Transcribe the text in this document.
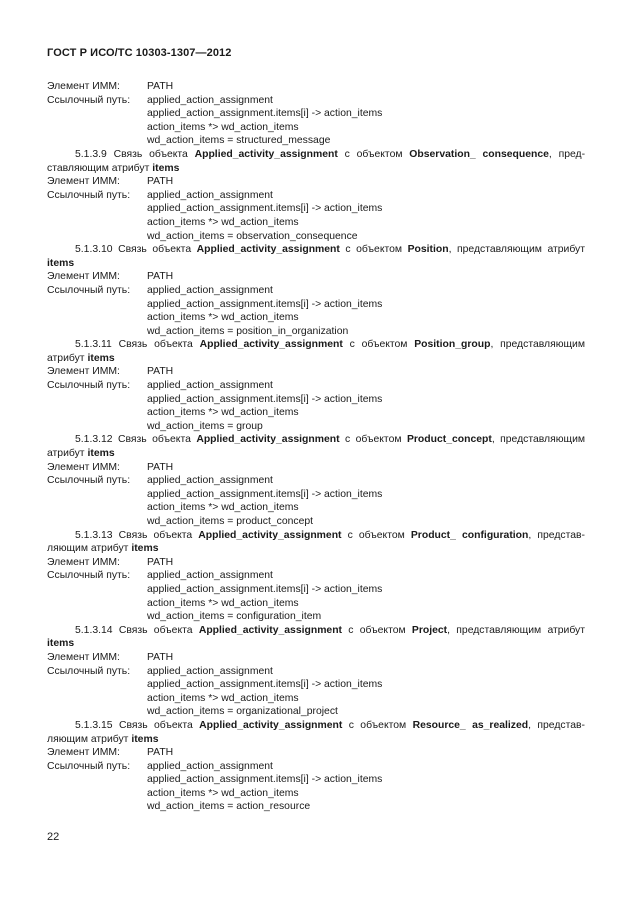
ГОСТ Р ИСО/ТС 10303-1307—2012
Элемент ИММ:	PATH
Ссылочный путь:	applied_action_assignment
applied_action_assignment.items[i] -> action_items
action_items *> wd_action_items
wd_action_items = structured_message
5.1.3.9 Связь объекта Applied_activity_assignment с объектом Observation_ consequence, представляющим атрибут items
Элемент ИММ:	PATH
Ссылочный путь:	applied_action_assignment
applied_action_assignment.items[i] -> action_items
action_items *> wd_action_items
wd_action_items = observation_consequence
5.1.3.10 Связь объекта Applied_activity_assignment с объектом Position, представляющим атрибут items
Элемент ИММ:	PATH
Ссылочный путь:	applied_action_assignment
applied_action_assignment.items[i] -> action_items
action_items *> wd_action_items
wd_action_items = position_in_organization
5.1.3.11 Связь объекта Applied_activity_assignment с объектом Position_group, представляющим атрибут items
Элемент ИММ:	PATH
Ссылочный путь:	applied_action_assignment
applied_action_assignment.items[i] -> action_items
action_items *> wd_action_items
wd_action_items = group
5.1.3.12 Связь объекта Applied_activity_assignment с объектом Product_concept, представляющим атрибут items
Элемент ИММ:	PATH
Ссылочный путь:	applied_action_assignment
applied_action_assignment.items[i] -> action_items
action_items *> wd_action_items
wd_action_items = product_concept
5.1.3.13 Связь объекта Applied_activity_assignment с объектом Product_ configuration, представляющим атрибут items
Элемент ИММ:	PATH
Ссылочный путь:	applied_action_assignment
applied_action_assignment.items[i] -> action_items
action_items *> wd_action_items
wd_action_items = configuration_item
5.1.3.14 Связь объекта Applied_activity_assignment с объектом Project, представляющим атрибут items
Элемент ИММ:	PATH
Ссылочный путь:	applied_action_assignment
applied_action_assignment.items[i] -> action_items
action_items *> wd_action_items
wd_action_items = organizational_project
5.1.3.15 Связь объекта Applied_activity_assignment с объектом Resource_ as_realized, представляющим атрибут items
Элемент ИММ:	PATH
Ссылочный путь:	applied_action_assignment
applied_action_assignment.items[i] -> action_items
action_items *> wd_action_items
wd_action_items = action_resource
22
